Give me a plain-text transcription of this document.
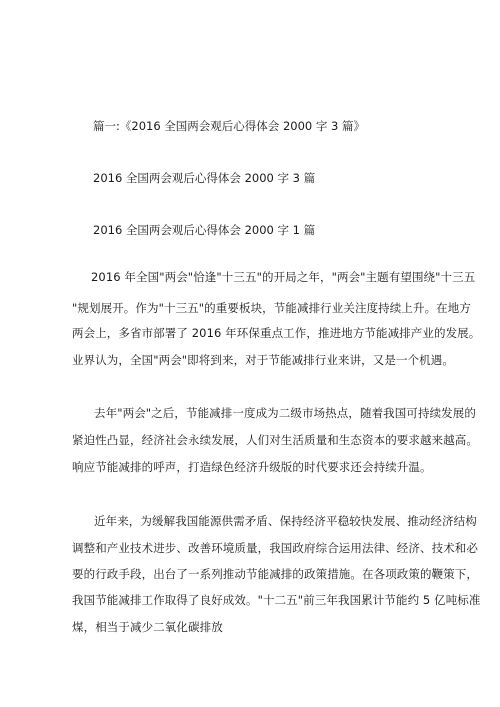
篇一:《2016 全国两会观后心得体会 2000 字 3 篇》
2016 全国两会观后心得体会 2000 字 3 篇
2016 全国两会观后心得体会 2000 字 1 篇
2016 年全国"两会"恰逢"十三五"的开局之年，"两会"主题有望围绕"十三五
"规划展开。作为"十三五"的重要板块，节能减排行业关注度持续上升。在地方
两会上，多省市部署了 2016 年环保重点工作，推进地方节能减排产业的发展。
业界认为，全国"两会"即将到来，对于节能减排行业来讲，又是一个机遇。
去年"两会"之后，节能减排一度成为二级市场热点，随着我国可持续发展的
紧迫性凸显，经济社会永续发展，人们对生活质量和生态资本的要求越来越高。
响应节能减排的呼声，打造绿色经济升级版的时代要求还会持续升温。
近年来，为缓解我国能源供需矛盾、保持经济平稳较快发展、推动经济结构
调整和产业技术进步、改善环境质量，我国政府综合运用法律、经济、技术和必
要的行政手段，出台了一系列推动节能减排的政策措施。在各项政策的鞭策下，
我国节能减排工作取得了良好成效。"十二五"前三年我国累计节能约 5 亿吨标准
煤，相当于减少二氧化碳排放
